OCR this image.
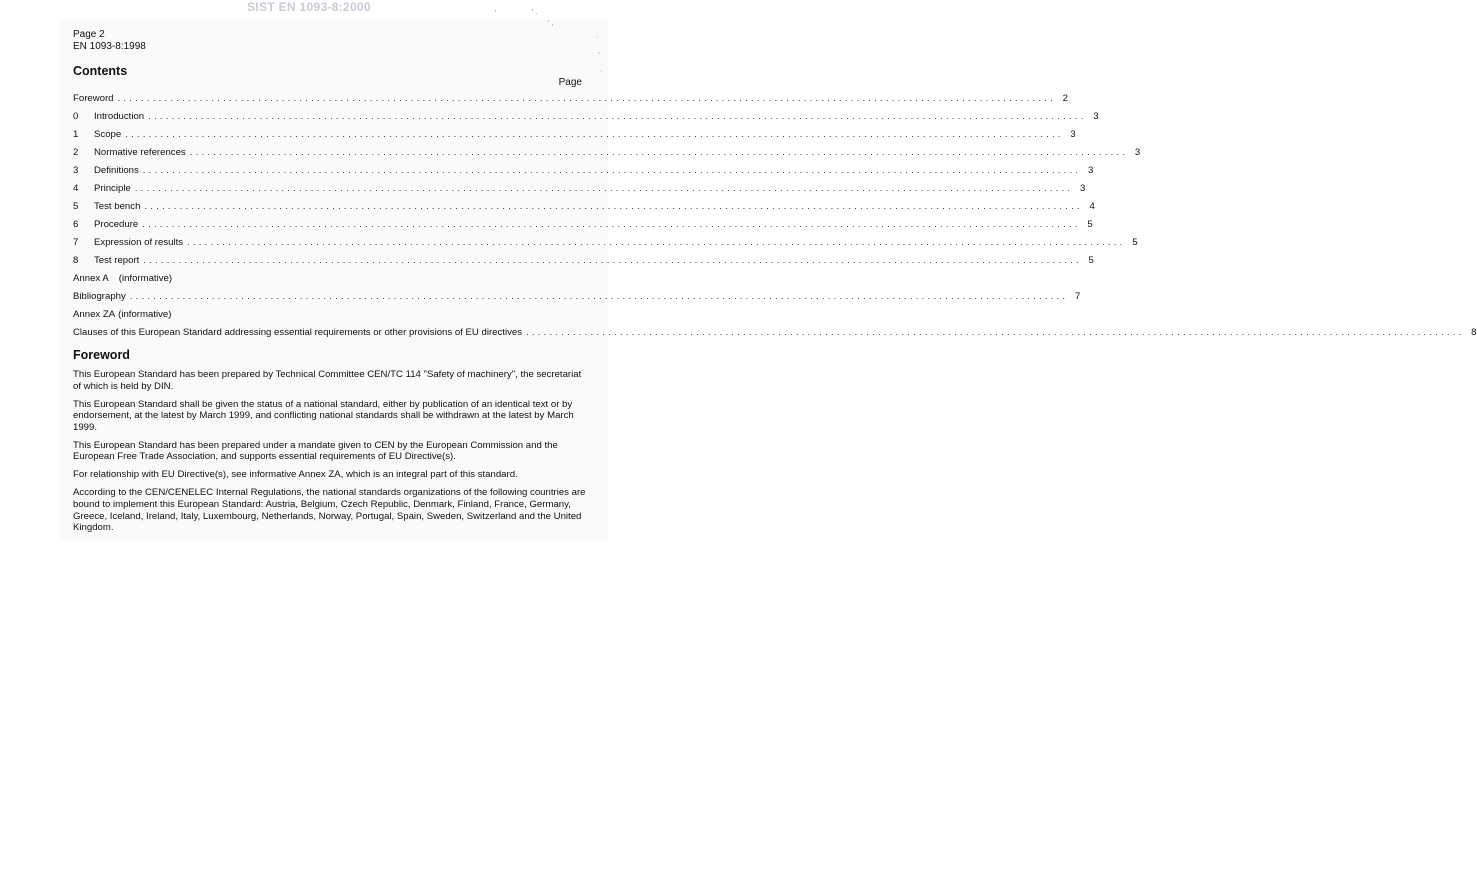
SIST EN 1093-8:2000	'	' .
' ,
·
,
·
Page 2
EN 1093-8:1998
Contents
Page
Foreword ................................................................................................................................................................ 2
0	Introduction ................................................................................................................................................................ 3
1	Scope ................................................................................................................................................................ 3
2	Normative references ................................................................................................................................................................ 3
3	Definitions ................................................................................................................................................................ 3
4	Principle ................................................................................................................................................................ 3
5	Test bench ................................................................................................................................................................ 4
6	Procedure ................................................................................................................................................................ 5
7	Expression of results ................................................................................................................................................................ 5
8	Test report ................................................................................................................................................................ 5
Annex A (informative)
Bibliography ................................................................................................................................................................ 7
Annex ZA (informative)
Clauses of this European Standard addressing essential requirements or other provisions of EU directives ................................................................................................................................................................ 8
Foreword

This European Standard has been prepared by Technical Committee CEN/TC 114 "Safety of machinery", the secretariat of which is held by DIN.

This European Standard shall be given the status of a national standard, either by publication of an identical text or by endorsement, at the latest by March 1999, and conflicting national standards shall be withdrawn at the latest by March 1999.

This European Standard has been prepared under a mandate given to CEN by the European Commission and the European Free Trade Association, and supports essential requirements of EU Directive(s).

For relationship with EU Directive(s), see informative Annex ZA, which is an integral part of this standard.

According to the CEN/CENELEC Internal Regulations, the national standards organizations of the following countries are bound to implement this European Standard: Austria, Belgium, Czech Republic, Denmark, Finland, France, Germany, Greece, Iceland, Ireland, Italy, Luxembourg, Netherlands, Norway, Portugal, Spain, Sweden, Switzerland and the United Kingdom.
